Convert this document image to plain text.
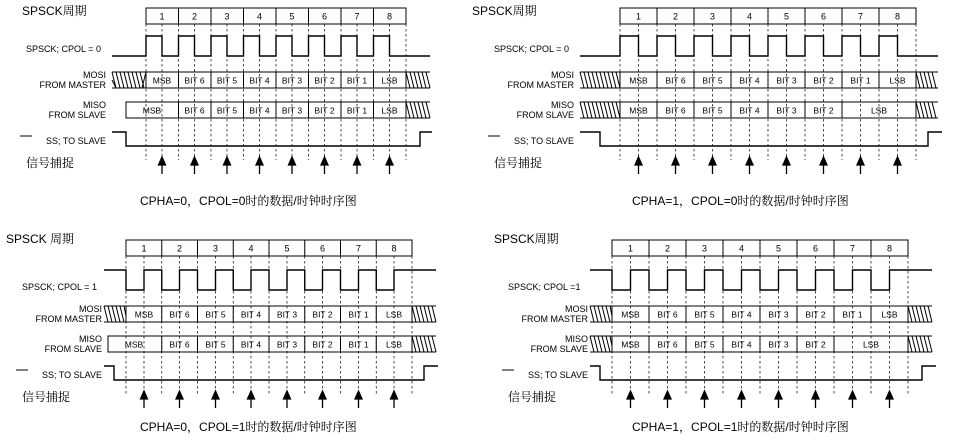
SPSCK周期
SPSCK; CPOL = 0
MOSI
FROM MASTER
MISO
FROM SLAVE
SS; TO SLAVE
信号捕捉
CPHA=0，CPOL=0时的数据/时钟时序图
1	2	3	4	5	6	7	8
MSB BIT 6 BIT 5 BIT 4 BIT 3 BIT 2 BIT 1 LSB
MSB	BIT 6 BIT 5 BIT 4 BIT 3 BIT 2 BIT 1 LSB
SPSCK周期
SPSCK; CPOL = 0
MOSI
FROM MASTER
MISO
FROM SLAVE
SS; TO SLAVE
信号捕捉
CPHA=1，CPOL=0时的数据/时钟时序图
1	2	3	4	5	6	7	8
MSB BIT 6 BIT 5 BIT 4 BIT 3 BIT 2 BIT 1 LSB
MSB BIT 6 BIT 5 BIT 4 BIT 3 BIT 2	LSB
SPSCK 周期
SPSCK; CPOL = 1
MOSI
FROM MASTER
MISO
FROM SLAVE
SS; TO SLAVE
信号捕捉
CPHA=0，CPOL=1时的数据/时钟时序图
1	2	3	4	5	6	7	8
MSB BIT 6 BIT 5 BIT 4 BIT 3 BIT 2 BIT 1 LSB
MSB	BIT 6 BIT 5 BIT 4 BIT 3 BIT 2 BIT 1 LSB
SPSCK周期
SPSCK; CPOL =1
MOSI
FROM MASTER
MISO
FROM SLAVE
SS; TO SLAVE
信号捕捉
CPHA=1，CPOL=1时的数据/时钟时序图
1	2	3	4	5	6	7	8
MSB BIT 6 BIT 5 BIT 4 BIT 3 BIT 2 BIT 1 LSB
MSB BIT 6 BIT 5 BIT 4 BIT 3 BIT 2	LSB
